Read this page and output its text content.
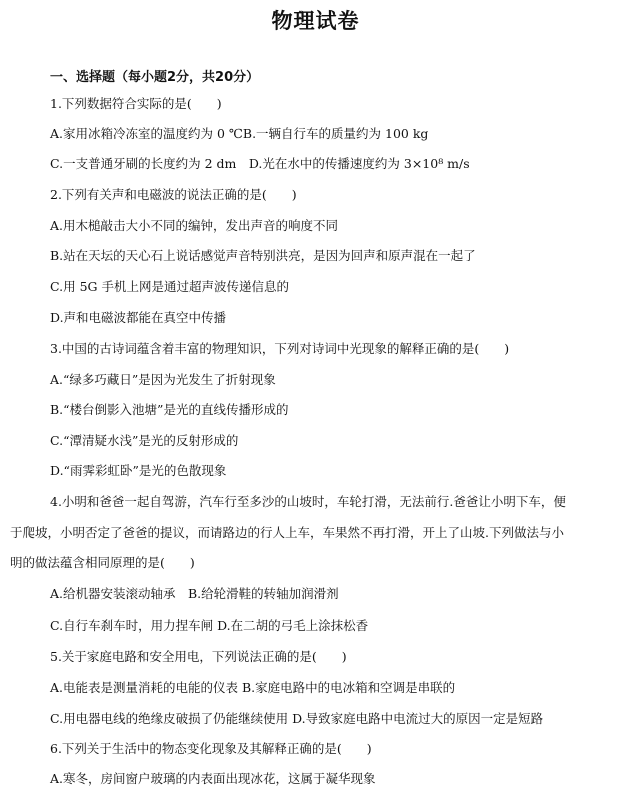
物理试卷
一、选择题（每小题2分，共20分）
1.下列数据符合实际的是(　　)
A.家用冰箱冷冻室的温度约为 0 ℃B.一辆自行车的质量约为 100 kg
C.一支普通牙刷的长度约为 2 dm　D.光在水中的传播速度约为 3×10⁸ m/s
2.下列有关声和电磁波的说法正确的是(　　)
A.用木槌敲击大小不同的编钟，发出声音的响度不同
B.站在天坛的天心石上说话感觉声音特别洪亮，是因为回声和原声混在一起了
C.用 5G 手机上网是通过超声波传递信息的
D.声和电磁波都能在真空中传播
3.中国的古诗词蕴含着丰富的物理知识，下列对诗词中光现象的解释正确的是(　　)
A.“绿多巧藏日”是因为光发生了折射现象
B.“楼台倒影入池塘”是光的直线传播形成的
C.“潭清疑水浅”是光的反射形成的
D.“雨霁彩虹卧”是光的色散现象
4.小明和爸爸一起自驾游，汽车行至多沙的山坡时，车轮打滑，无法前行.爸爸让小明下车，便
于爬坡，小明否定了爸爸的提议，而请路边的行人上车，车果然不再打滑，开上了山坡.下列做法与小
明的做法蕴含相同原理的是(　　)
A.给机器安装滚动轴承　B.给轮滑鞋的转轴加润滑剂
C.自行车刹车时，用力捏车闸 D.在二胡的弓毛上涂抹松香
5.关于家庭电路和安全用电，下列说法正确的是(　　)
A.电能表是测量消耗的电能的仪表 B.家庭电路中的电冰箱和空调是串联的
C.用电器电线的绝缘皮破损了仍能继续使用 D.导致家庭电路中电流过大的原因一定是短路
6.下列关于生活中的物态变化现象及其解释正确的是(　　)
A.寒冬，房间窗户玻璃的内表面出现冰花，这属于凝华现象
